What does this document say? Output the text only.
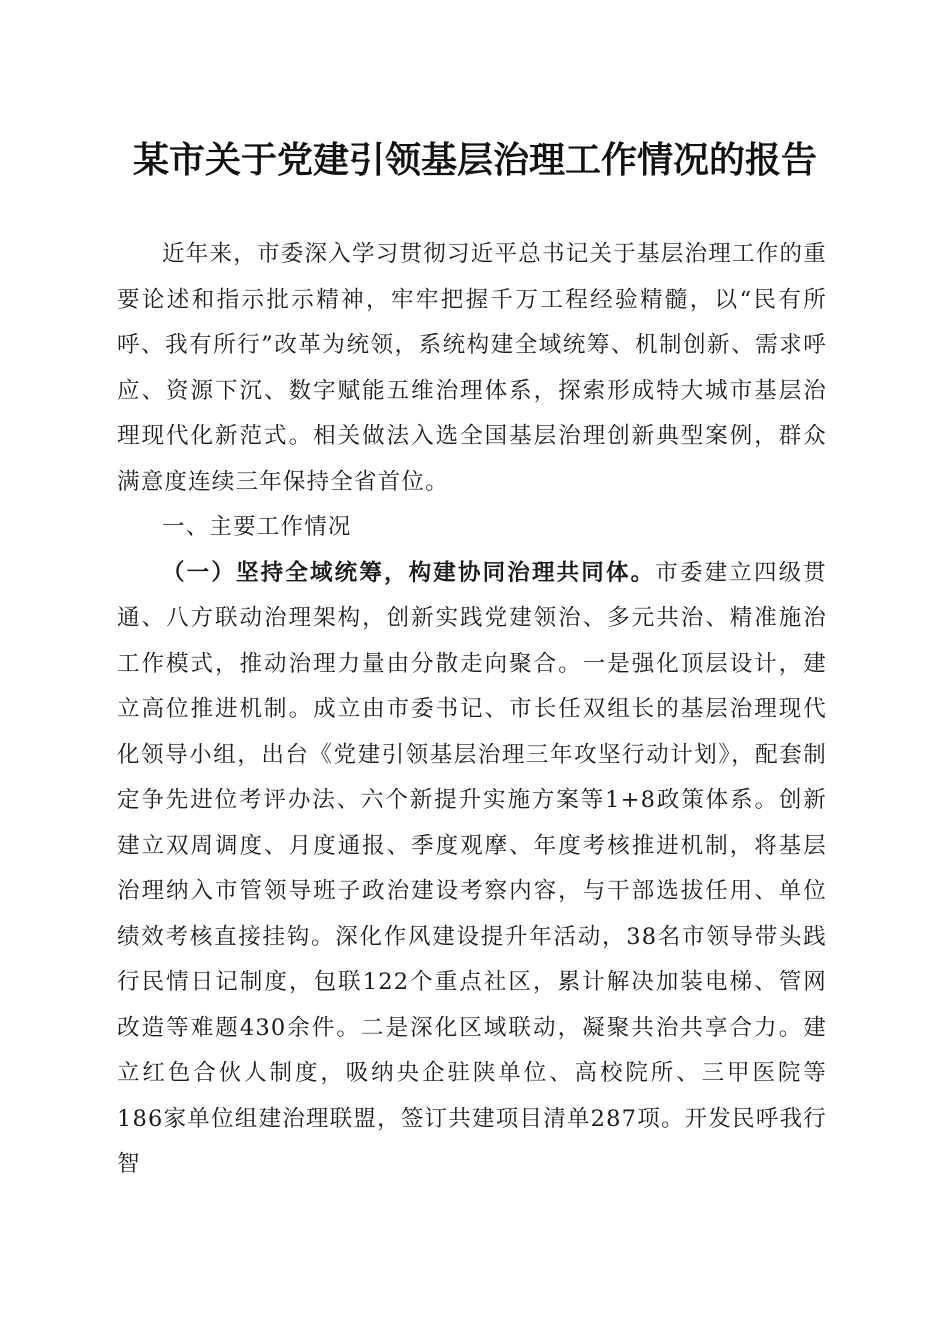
某市关于党建引领基层治理工作情况的报告

近年来，市委深入学习贯彻习近平总书记关于基层治理工作的重要论述和指示批示精神，牢牢把握千万工程经验精髓，以“民有所呼、我有所行”改革为统领，系统构建全域统筹、机制创新、需求呼应、资源下沉、数字赋能五维治理体系，探索形成特大城市基层治理现代化新范式。相关做法入选全国基层治理创新典型案例，群众满意度连续三年保持全省首位。

一、主要工作情况

（一）坚持全域统筹，构建协同治理共同体。市委建立四级贯通、八方联动治理架构，创新实践党建领治、多元共治、精准施治工作模式，推动治理力量由分散走向聚合。一是强化顶层设计，建立高位推进机制。成立由市委书记、市长任双组长的基层治理现代化领导小组，出台《党建引领基层治理三年攻坚行动计划》，配套制定争先进位考评办法、六个新提升实施方案等1+8政策体系。创新建立双周调度、月度通报、季度观摩、年度考核推进机制，将基层治理纳入市管领导班子政治建设考察内容，与干部选拔任用、单位绩效考核直接挂钩。深化作风建设提升年活动，38名市领导带头践行民情日记制度，包联122个重点社区，累计解决加装电梯、管网改造等难题430余件。二是深化区域联动，凝聚共治共享合力。建立红色合伙人制度，吸纳央企驻陕单位、高校院所、三甲医院等186家单位组建治理联盟，签订共建项目清单287项。开发民呼我行智
